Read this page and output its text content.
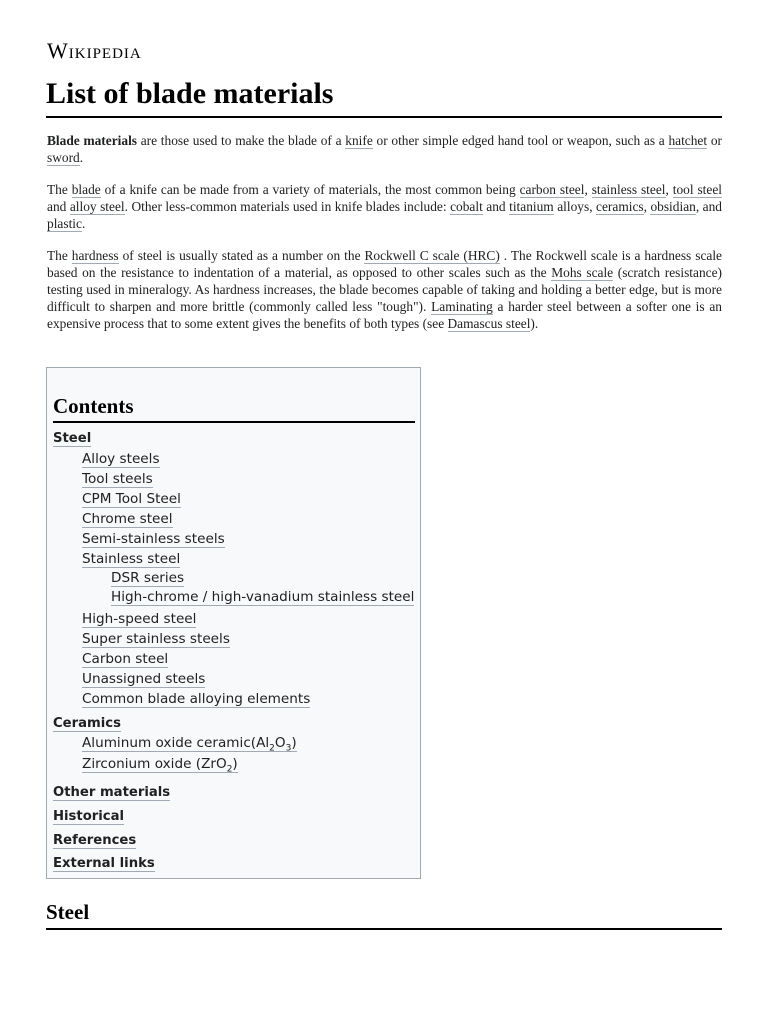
Wikipedia
List of blade materials

Blade materials are those used to make the blade of a knife or other simple edged hand tool or weapon, such as a hatchet or sword.

The blade of a knife can be made from a variety of materials, the most common being carbon steel, stainless steel, tool steel and alloy steel. Other less-common materials used in knife blades include: cobalt and titanium alloys, ceramics, obsidian, and plastic.

The hardness of steel is usually stated as a number on the Rockwell C scale (HRC) . The Rockwell scale is a hardness scale based on the resistance to indentation of a material, as opposed to other scales such as the Mohs scale (scratch resistance) testing used in mineralogy. As hardness increases, the blade becomes capable of taking and holding a better edge, but is more difficult to sharpen and more brittle (commonly called less "tough"). Laminating a harder steel between a softer one is an expensive process that to some extent gives the benefits of both types (see Damascus steel).

Contents
Steel
Alloy steels
Tool steels
CPM Tool Steel
Chrome steel
Semi-stainless steels
Stainless steel
DSR series
High-chrome / high-vanadium stainless steel
High-speed steel
Super stainless steels
Carbon steel
Unassigned steels
Common blade alloying elements
Ceramics
Aluminum oxide $ceramic(Al_2O_3)$
Zirconium oxide (ZrO$_2$)
Other materials
Historical
References
External links
Steel
